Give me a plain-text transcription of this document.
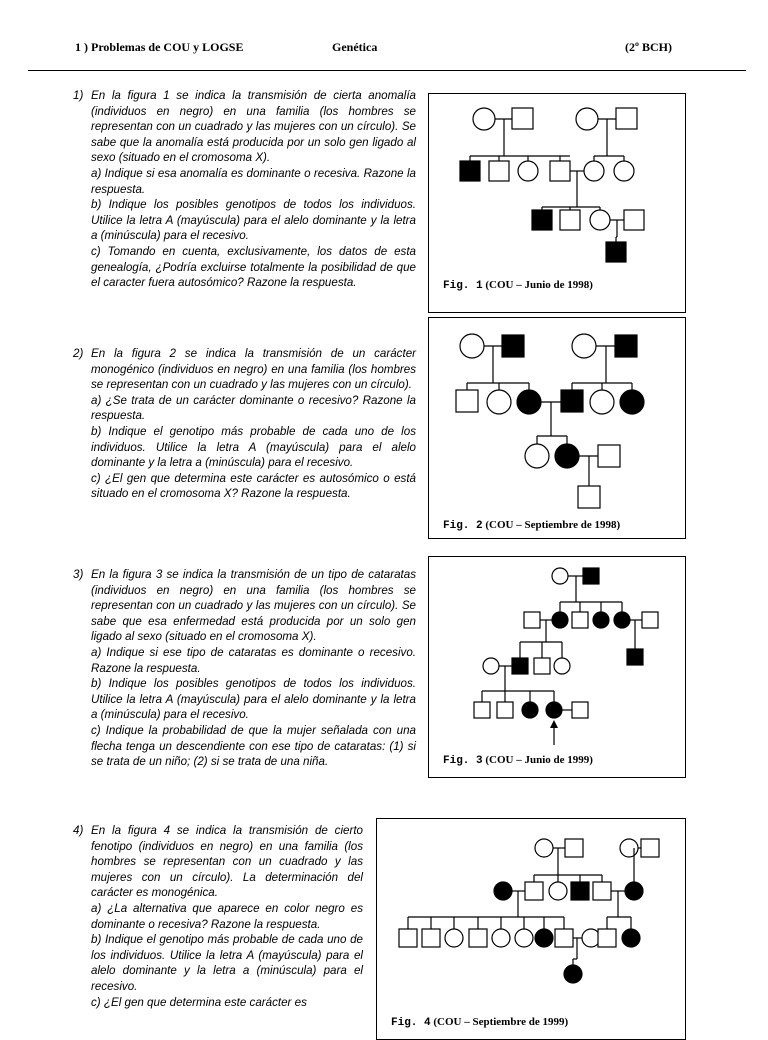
1 ) Problemas de COU y LOGSE	Genética	(2º BCH)
1) En la figura 1 se indica la transmisión de cierta anomalía (individuos en negro) en una familia (los hombres se representan con un cuadrado y las mujeres con un círculo). Se sabe que la anomalía está producida por un solo gen ligado al sexo (situado en el cromosoma X).

a) Indique si esa anomalía es dominante o recesiva. Razone la respuesta.

b) Indique los posibles genotipos de todos los individuos. Utilice la letra A (mayúscula) para el alelo dominante y la letra a (minúscula) para el recesivo.

c) Tomando en cuenta, exclusivamente, los datos de esta genealogía, ¿Podría excluirse totalmente la posibilidad de que el caracter fuera autosómico? Razone la respuesta.	Fig. 1 (COU – Junio de 1998)
2) En la figura 2 se indica la transmisión de un carácter monogénico (individuos en negro) en una familia (los hombres se representan con un cuadrado y las mujeres con un círculo).

a) ¿Se trata de un carácter dominante o recesivo? Razone la respuesta.

b) Indique el genotipo más probable de cada uno de los individuos. Utilice la letra A (mayúscula) para el alelo dominante y la letra a (minúscula) para el recesivo.

c) ¿El gen que determina este carácter es autosómico o está situado en el cromosoma X? Razone la respuesta.

Fig. 2 (COU – Septiembre de 1998)
3) En la figura 3 se indica la transmisión de un tipo de cataratas (individuos en negro) en una familia (los hombres se representan con un cuadrado y las mujeres con un círculo). Se sabe que esa enfermedad está producida por un solo gen ligado al sexo (situado en el cromosoma X).

a) Indique si ese tipo de cataratas es dominante o recesivo. Razone la respuesta.

b) Indique los posibles genotipos de todos los individuos. Utilice la letra A (mayúscula) para el alelo dominante y la letra a (minúscula) para el recesivo.

c) Indique la probabilidad de que la mujer señalada con una flecha tenga un descendiente con ese tipo de cataratas: (1) si se trata de un niño; (2) si se trata de una niña.	Fig. 3 (COU – Junio de 1999)
4) En la figura 4 se indica la transmisión de cierto fenotipo (individuos en negro) en una familia (los hombres se representan con un cuadrado y las mujeres con un círculo). La determinación del carácter es monogénica.

a) ¿La alternativa que aparece en color negro es dominante o recesiva? Razone la respuesta.

b) Indique el genotipo más probable de cada uno de los individuos. Utilice la letra A (mayúscula) para el alelo dominante y la letra a (minúscula) para el recesivo.

c) ¿El gen que determina este carácter es

Fig. 4 (COU – Septiembre de 1999)
